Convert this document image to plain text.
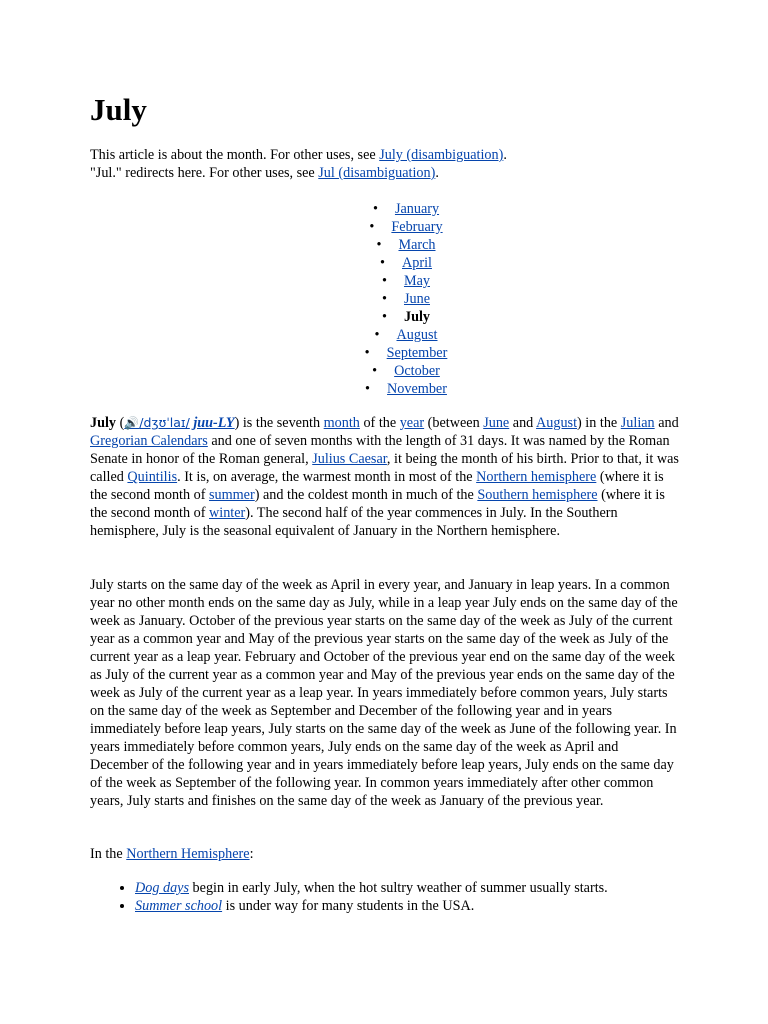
July
This article is about the month. For other uses, see July (disambiguation).
"Jul." redirects here. For other uses, see Jul (disambiguation).
• January
• February
• March
• April
• May
• June
• July
• August
• September
• October
• November

July (🔊/dʒʊˈlaɪ/ juu-LY) is the seventh month of the year (between June and August) in the Julian and Gregorian Calendars and one of seven months with the length of 31 days. It was named by the Roman Senate in honor of the Roman general, Julius Caesar, it being the month of his birth. Prior to that, it was called Quintilis. It is, on average, the warmest month in most of the Northern hemisphere (where it is the second month of summer) and the coldest month in much of the Southern hemisphere (where it is the second month of winter). The second half of the year commences in July. In the Southern hemisphere, July is the seasonal equivalent of January in the Northern hemisphere.

July starts on the same day of the week as April in every year, and January in leap years. In a common year no other month ends on the same day as July, while in a leap year July ends on the same day of the week as January. October of the previous year starts on the same day of the week as July of the current year as a common year and May of the previous year starts on the same day of the week as July of the current year as a leap year. February and October of the previous year end on the same day of the week as July of the current year as a common year and May of the previous year ends on the same day of the week as July of the current year as a leap year. In years immediately before common years, July starts on the same day of the week as September and December of the following year and in years immediately before leap years, July starts on the same day of the week as June of the following year. In years immediately before common years, July ends on the same day of the week as April and December of the following year and in years immediately before leap years, July ends on the same day of the week as September of the following year. In common years immediately after other common years, July starts and finishes on the same day of the week as January of the previous year.

In the Northern Hemisphere:

• Dog days begin in early July, when the hot sultry weather of summer usually starts.
• Summer school is under way for many students in the USA.
